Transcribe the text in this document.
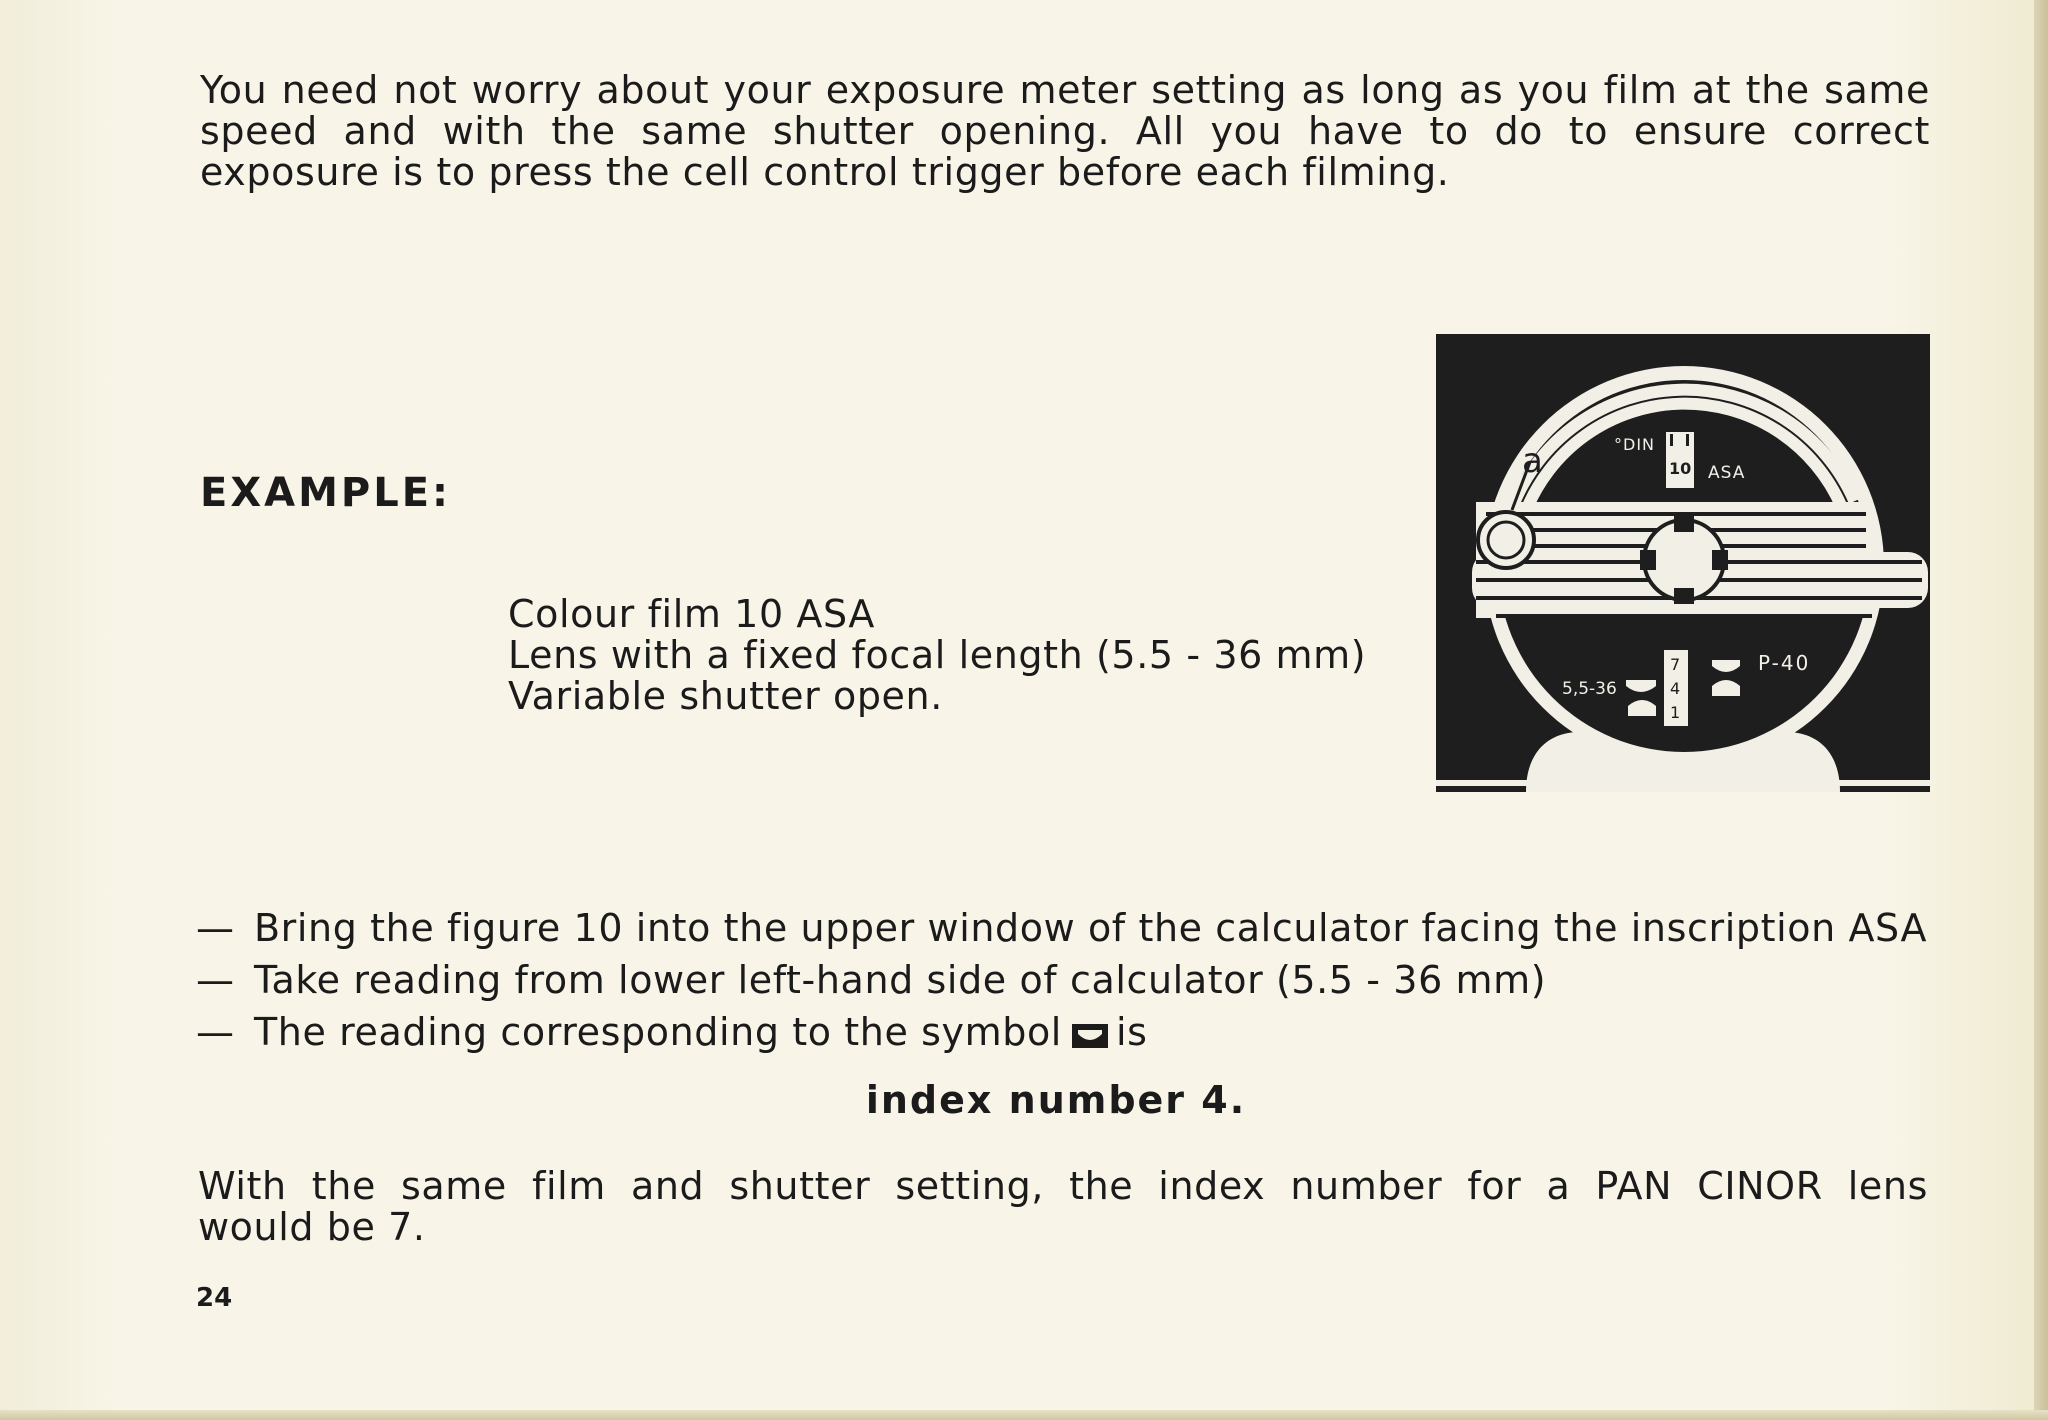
You need not worry about your exposure meter setting as long as you film at the same
speed and with the same shutter opening. All you have to do to ensure correct
exposure is to press the cell control trigger before each filming.
EXAMPLE:
Colour film 10 ASA
Lens with a fixed focal length (5.5 - 36 mm)
Variable shutter open.
a	°DIN
10 ASA
7
4
1
5,5-36
P-40
— Bring the figure 10 into the upper window of the calculator facing the inscription ASA
— Take reading from lower left-hand side of calculator (5.5 - 36 mm)
— The reading corresponding to the symbol is
index number 4.
With the same film and shutter setting, the index number for a PAN CINOR lens
would be 7.
24
